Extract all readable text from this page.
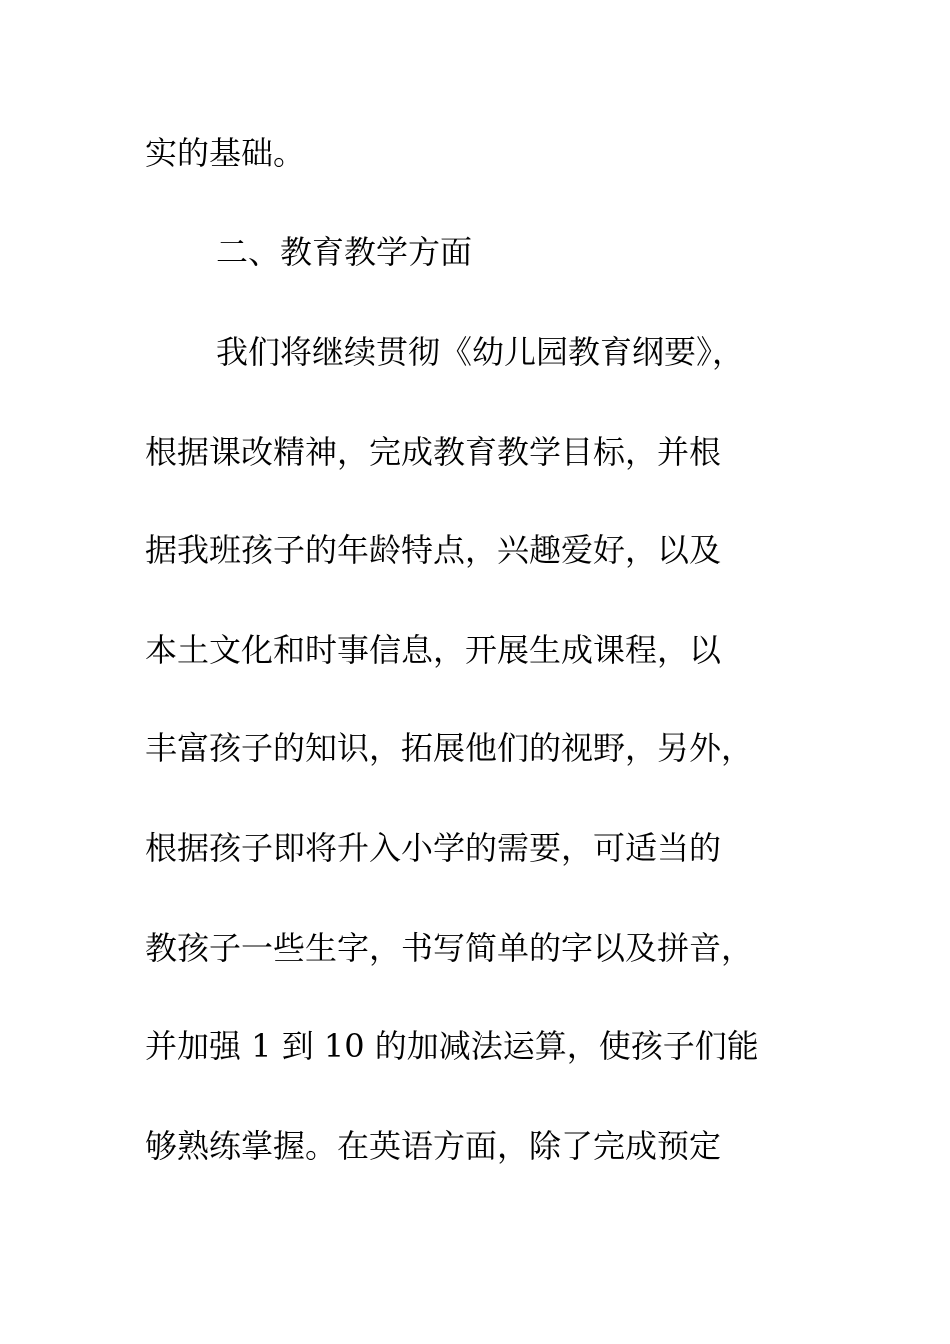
实的基础。
二、教育教学方面
我们将继续贯彻《幼儿园教育纲要》，
根据课改精神，完成教育教学目标，并根
据我班孩子的年龄特点，兴趣爱好，以及
本土文化和时事信息，开展生成课程，以
丰富孩子的知识，拓展他们的视野，另外，
根据孩子即将升入小学的需要，可适当的
教孩子一些生字，书写简单的字以及拼音，
并加强 1 到 10 的加减法运算，使孩子们能
够熟练掌握。在英语方面，除了完成预定
